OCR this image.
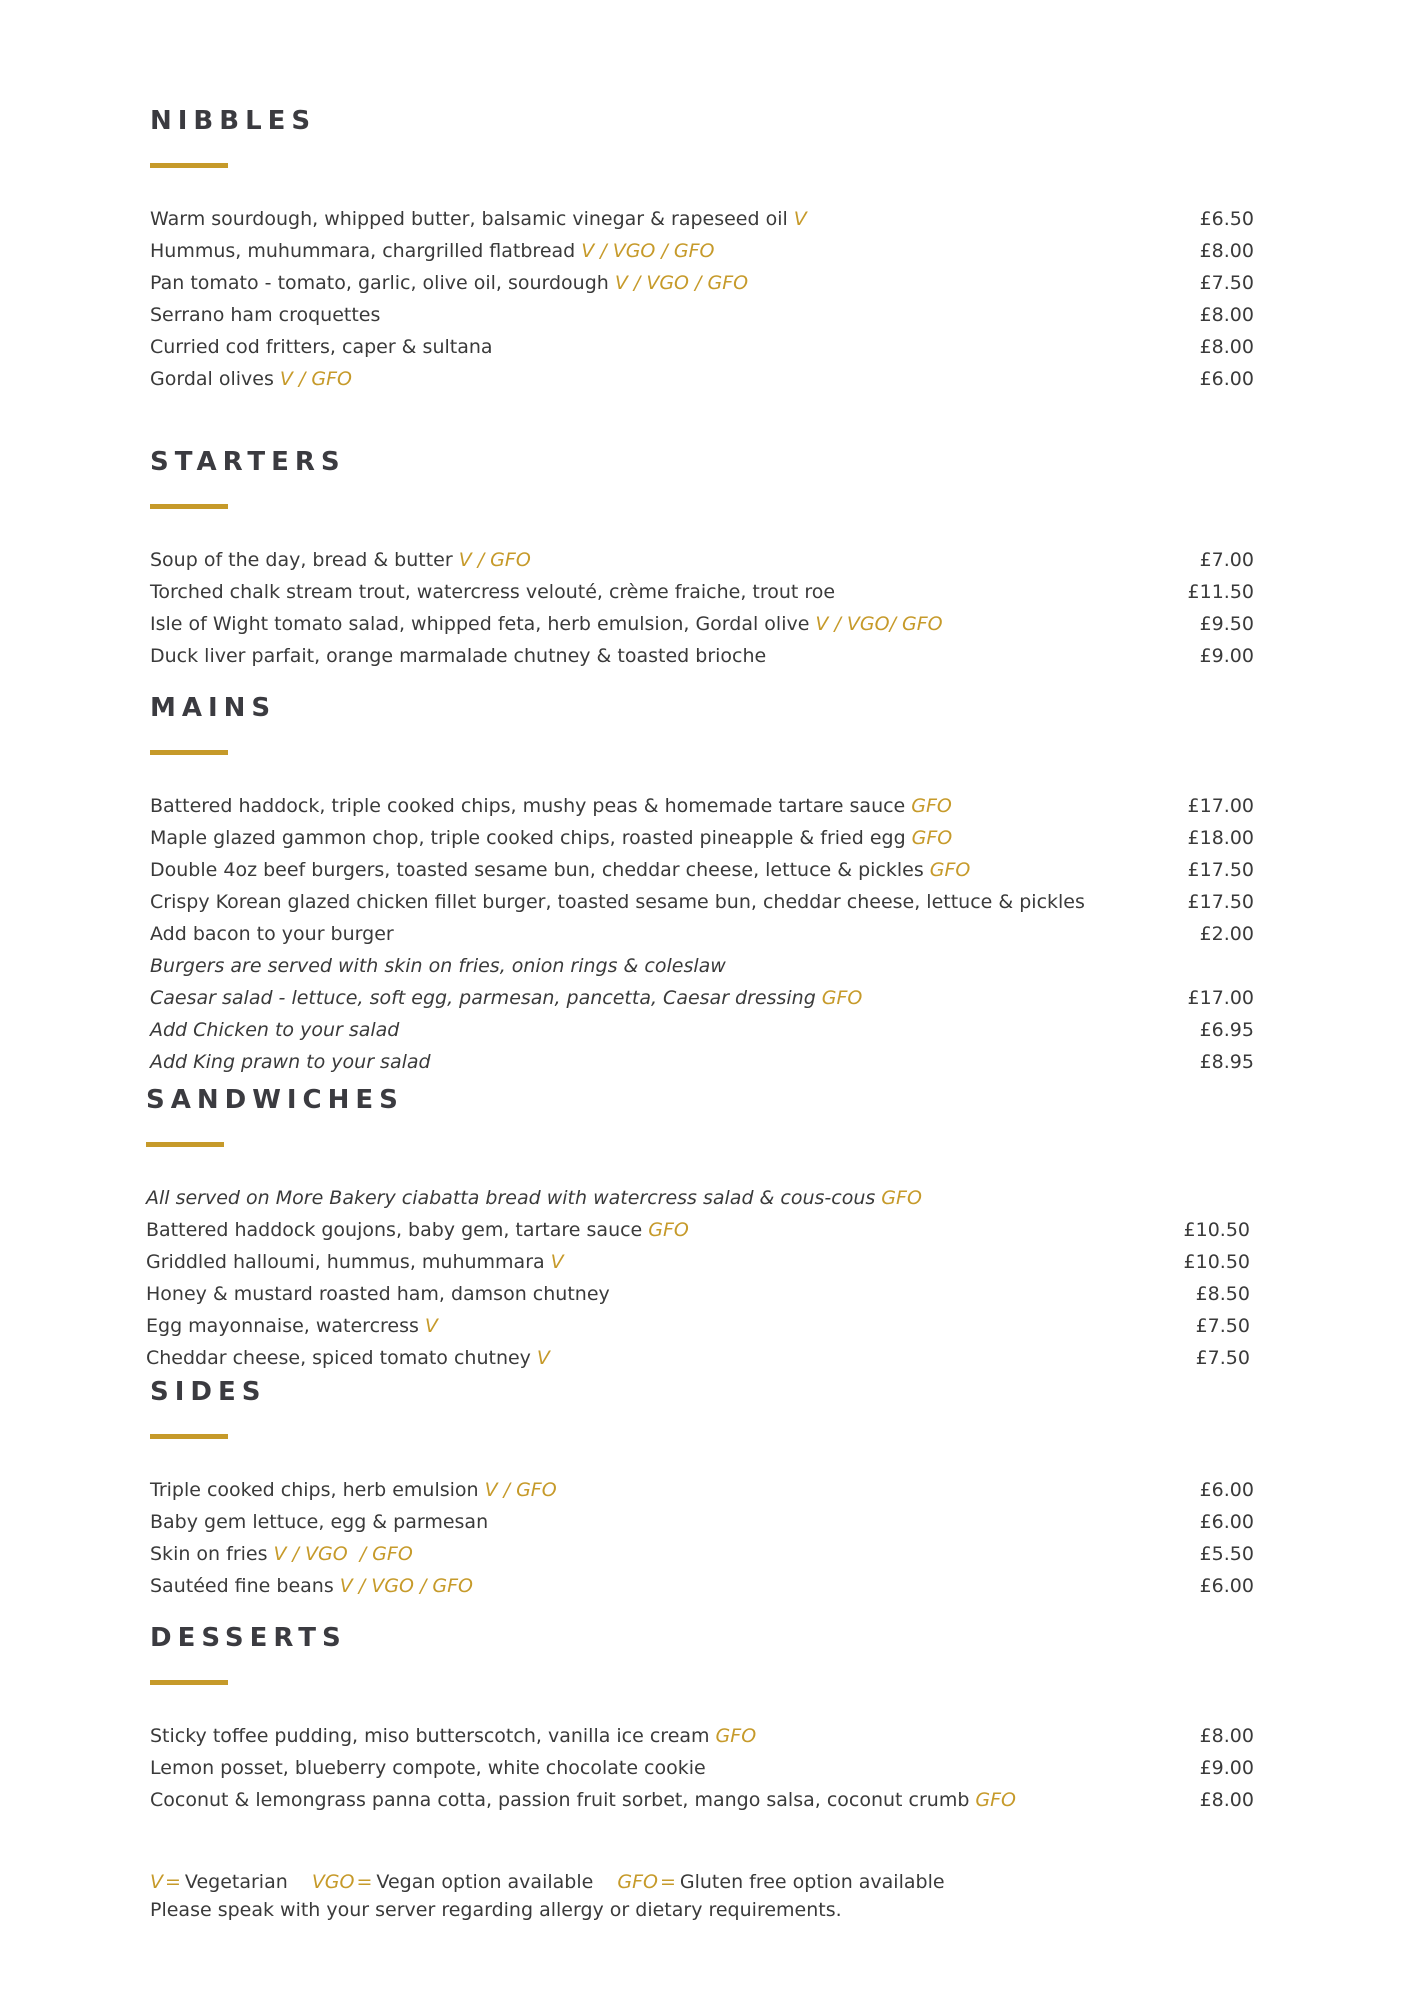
NIBBLES
Warm sourdough, whipped butter, balsamic vinegar & rapeseed oil V	£6.50
Hummus, muhummara, chargrilled flatbread V / VGO / GFO	£8.00
Pan tomato - tomato, garlic, olive oil, sourdough V / VGO / GFO	£7.50
Serrano ham croquettes	£8.00
Curried cod fritters, caper & sultana	£8.00
Gordal olives V / GFO	£6.00
STARTERS
Soup of the day, bread & butter V / GFO	£7.00
Torched chalk stream trout, watercress velouté, crème fraiche, trout roe	£11.50
Isle of Wight tomato salad, whipped feta, herb emulsion, Gordal olive V / VGO/ GFO	£9.50
Duck liver parfait, orange marmalade chutney & toasted brioche	£9.00
MAINS
Battered haddock, triple cooked chips, mushy peas & homemade tartare sauce GFO	£17.00
Maple glazed gammon chop, triple cooked chips, roasted pineapple & fried egg GFO	£18.00
Double 4oz beef burgers, toasted sesame bun, cheddar cheese, lettuce & pickles GFO	£17.50
Crispy Korean glazed chicken fillet burger, toasted sesame bun, cheddar cheese, lettuce & pickles	£17.50
Add bacon to your burger	£2.00
Burgers are served with skin on fries, onion rings & coleslaw
Caesar salad - lettuce, soft egg, parmesan, pancetta, Caesar dressing GFO	£17.00
Add Chicken to your salad	£6.95
Add King prawn to your salad	£8.95
SANDWICHES
All served on More Bakery ciabatta bread with watercress salad & cous-cous GFO
Battered haddock goujons, baby gem, tartare sauce GFO	£10.50
Griddled halloumi, hummus, muhummara V	£10.50
Honey & mustard roasted ham, damson chutney	£8.50
Egg mayonnaise, watercress V	£7.50
Cheddar cheese, spiced tomato chutney V	£7.50
SIDES
Triple cooked chips, herb emulsion V / GFO	£6.00
Baby gem lettuce, egg & parmesan	£6.00
Skin on fries V / VGO  / GFO	£5.50
Sautéed fine beans V / VGO / GFO	£6.00
DESSERTS
Sticky toffee pudding, miso butterscotch, vanilla ice cream GFO	£8.00
Lemon posset, blueberry compote, white chocolate cookie	£9.00
Coconut & lemongrass panna cotta, passion fruit sorbet, mango salsa, coconut crumb GFO	£8.00
V = Vegetarian VGO = Vegan option available GFO = Gluten free option available
Please speak with your server regarding allergy or dietary requirements.
